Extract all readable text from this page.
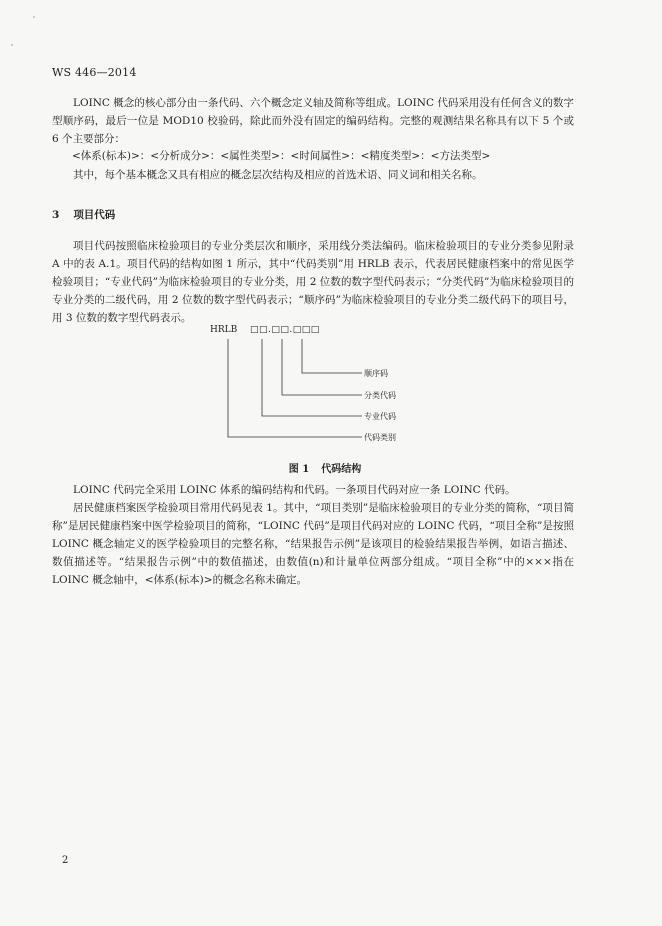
WS 446—2014
LOINC 概念的核心部分由一条代码、六个概念定义轴及简称等组成。LOINC 代码采用没有任何含义的数字型顺序码，最后一位是 MOD10 校验码，除此而外没有固定的编码结构。完整的观测结果名称具有以下 5 个或 6 个主要部分：
<体系(标本)>：<分析成分>：<属性类型>：<时间属性>：<精度类型>：<方法类型>
其中，每个基本概念又具有相应的概念层次结构及相应的首选术语、同义词和相关名称。
3 项目代码
项目代码按照临床检验项目的专业分类层次和顺序，采用线分类法编码。临床检验项目的专业分类参见附录 A 中的表 A.1。项目代码的结构如图 1 所示，其中“代码类别”用 HRLB 表示，代表居民健康档案中的常见医学检验项目；“专业代码”为临床检验项目的专业分类，用 2 位数的数字型代码表示；“分类代码”为临床检验项目的专业分类的二级代码，用 2 位数的数字型代码表示；“顺序码”为临床检验项目的专业分类二级代码下的项目号，用 3 位数的数字型代码表示。
HRLB □□.□□.□□□
顺序码
分类代码
专业代码
代码类别
图 1 代码结构
LOINC 代码完全采用 LOINC 体系的编码结构和代码。一条项目代码对应一条 LOINC 代码。
居民健康档案医学检验项目常用代码见表 1。其中，“项目类别”是临床检验项目的专业分类的简称，“项目简称”是居民健康档案中医学检验项目的简称，“LOINC 代码”是项目代码对应的 LOINC 代码，“项目全称”是按照 LOINC 概念轴定义的医学检验项目的完整名称，“结果报告示例”是该项目的检验结果报告举例，如语言描述、数值描述等。“结果报告示例”中的数值描述，由数值(n)和计量单位两部分组成。“项目全称”中的×××指在 LOINC 概念轴中，<体系(标本)>的概念名称未确定。
2
